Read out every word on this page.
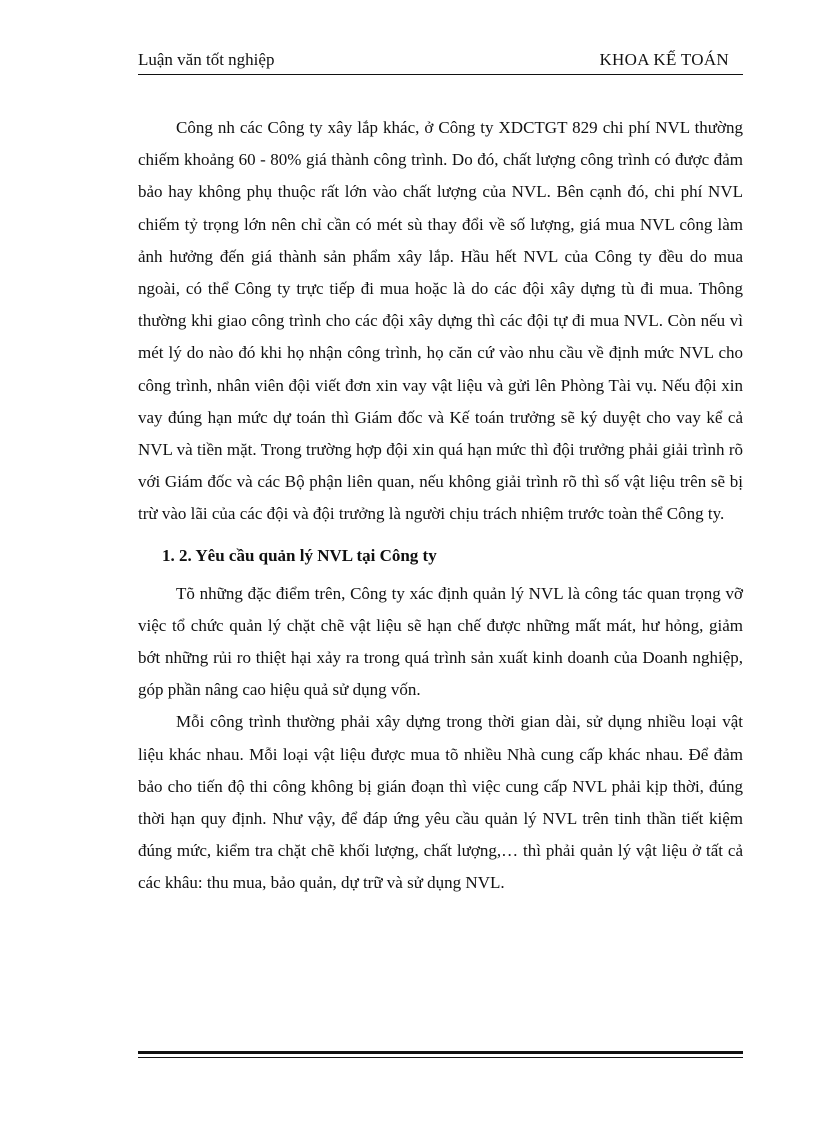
Luận văn tốt nghiệp	KHOA KẾ TOÁN

Công nh các Công ty xây lắp khác, ở Công ty XDCTGT 829 chi phí NVL thường chiếm khoảng 60 - 80% giá thành công trình. Do đó, chất lượng công trình có được đảm bảo hay không phụ thuộc rất lớn vào chất lượng của NVL. Bên cạnh đó, chi phí NVL chiếm tỷ trọng lớn nên chỉ cần có mét sù thay đổi về số lượng, giá mua NVL công làm ảnh hưởng đến giá thành sản phẩm xây lắp. Hầu hết NVL của Công ty đều do mua ngoài, có thể Công ty trực tiếp đi mua hoặc là do các đội xây dựng tù đi mua. Thông thường khi giao công trình cho các đội xây dựng thì các đội tự đi mua NVL. Còn nếu vì mét lý do nào đó khi họ nhận công trình, họ căn cứ vào nhu cầu về định mức NVL cho công trình, nhân viên đội viết đơn xin vay vật liệu và gửi lên Phòng Tài vụ. Nếu đội xin vay đúng hạn mức dự toán thì Giám đốc và Kế toán trưởng sẽ ký duyệt cho vay kể cả NVL và tiền mặt. Trong trường hợp đội xin quá hạn mức thì đội trưởng phải giải trình rõ với Giám đốc và các Bộ phận liên quan, nếu không giải trình rõ thì số vật liệu trên sẽ bị trừ vào lãi của các đội và đội trưởng là người chịu trách nhiệm trước toàn thể Công ty.

1. 2. Yêu cầu quản lý NVL tại Công ty

Tõ những đặc điểm trên, Công ty xác định quản lý NVL là công tác quan trọng vỡ việc tổ chức quản lý chặt chẽ vật liệu sẽ hạn chế được những mất mát, hư hỏng, giảm bớt những rủi ro thiệt hại xảy ra trong quá trình sản xuất kinh doanh của Doanh nghiệp, góp phần nâng cao hiệu quả sử dụng vốn.

Mỗi công trình thường phải xây dựng trong thời gian dài, sử dụng nhiều loại vật liệu khác nhau. Mỗi loại vật liệu được mua tõ nhiều Nhà cung cấp khác nhau. Để đảm bảo cho tiến độ thi công không bị gián đoạn thì việc cung cấp NVL phải kịp thời, đúng thời hạn quy định. Như vậy, để đáp ứng yêu cầu quản lý NVL trên tinh thần tiết kiệm đúng mức, kiểm tra chặt chẽ khối lượng, chất lượng,… thì phải quản lý vật liệu ở tất cả các khâu: thu mua, bảo quản, dự trữ và sử dụng NVL.
